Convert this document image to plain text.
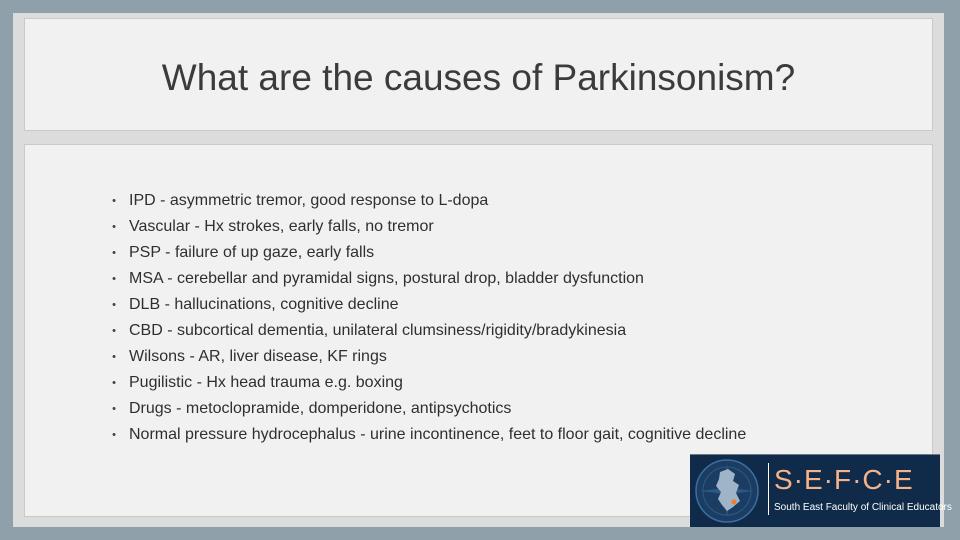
What are the causes of Parkinsonism?
• IPD - asymmetric tremor, good response to L-dopa
• Vascular - Hx strokes, early falls, no tremor
• PSP - failure of up gaze, early falls
• MSA - cerebellar and pyramidal signs, postural drop, bladder dysfunction
• DLB - hallucinations, cognitive decline
• CBD - subcortical dementia, unilateral clumsiness/rigidity/bradykinesia
• Wilsons - AR, liver disease, KF rings
• Pugilistic - Hx head trauma e.g. boxing
• Drugs - metoclopramide, domperidone, antipsychotics
• Normal pressure hydrocephalus - urine incontinence, feet to floor gait, cognitive decline
S·E·F·C·E
South East Faculty of Clinical Educators
